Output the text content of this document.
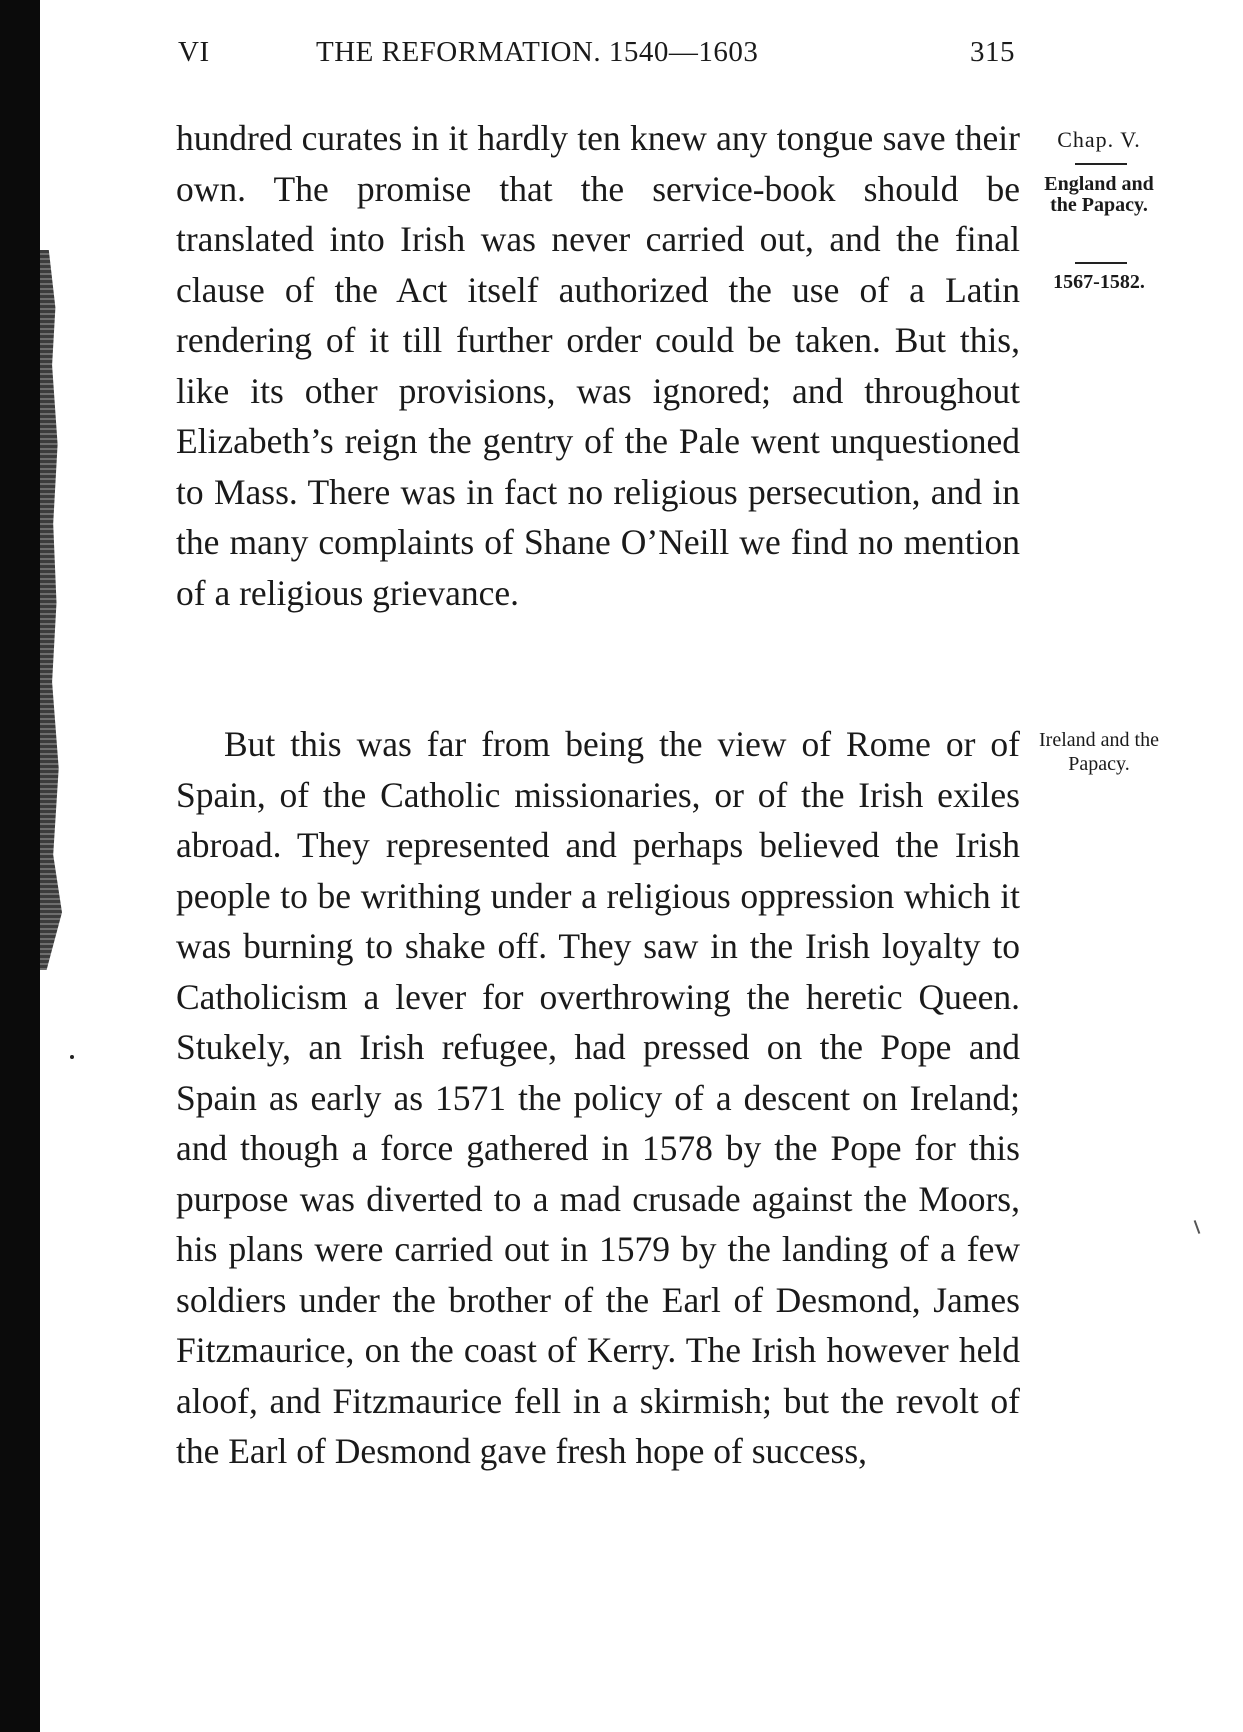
VI	THE REFORMATION. 1540—1603	315
Chap. V.
England and the Papacy.
1567-1582.
Ireland and the Papacy.

hundred curates in it hardly ten knew any tongue save their own. The promise that the service-book should be translated into Irish was never carried out, and the final clause of the Act itself authorized the use of a Latin rendering of it till further order could be taken. But this, like its other provisions, was ignored; and throughout Elizabeth’s reign the gentry of the Pale went unquestioned to Mass. There was in fact no religious persecution, and in the many complaints of Shane O’Neill we find no mention of a religious grievance.

But this was far from being the view of Rome or of Spain, of the Catholic missionaries, or of the Irish exiles abroad. They represented and perhaps believed the Irish people to be writhing under a religious oppression which it was burning to shake off. They saw in the Irish loyalty to Catholicism a lever for overthrowing the heretic Queen. Stukely, an Irish refugee, had pressed on the Pope and Spain as early as 1571 the policy of a descent on Ireland; and though a force gathered in 1578 by the Pope for this purpose was diverted to a mad crusade against the Moors, his plans were carried out in 1579 by the landing of a few soldiers under the brother of the Earl of Desmond, James Fitzmaurice, on the coast of Kerry. The Irish however held aloof, and Fitzmaurice fell in a skirmish; but the revolt of the Earl of Desmond gave fresh hope of success,
